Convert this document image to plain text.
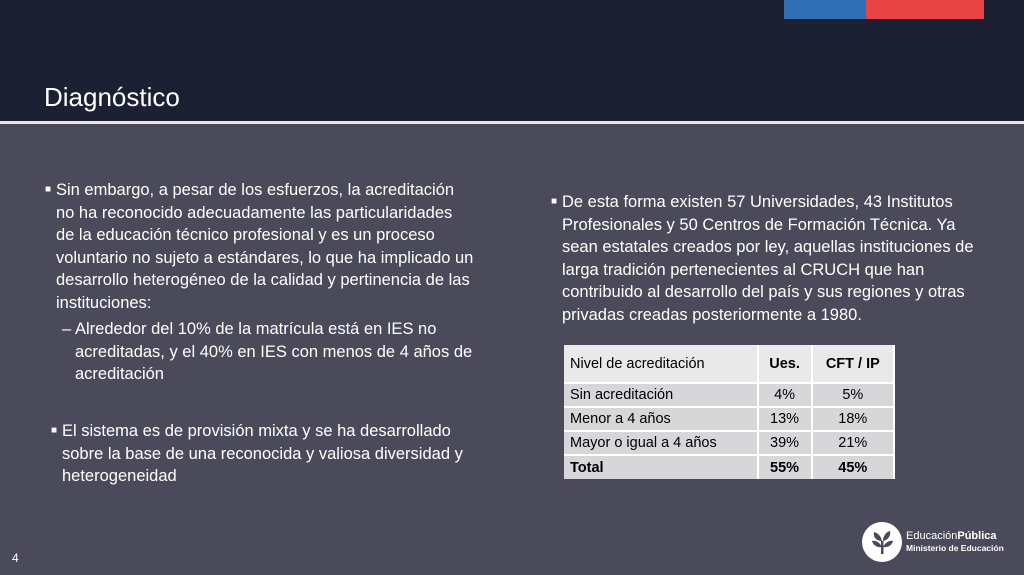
Diagnóstico
■ Sin embargo, a pesar de los esfuerzos, la acreditación no ha reconocido adecuadamente las particularidades de la educación técnico profesional y es un proceso voluntario no sujeto a estándares, lo que ha implicado un desarrollo heterogéneo de la calidad y pertinencia de las instituciones:
– Alrededor del 10% de la matrícula está en IES no acreditadas, y el 40% en IES con menos de 4 años de acreditación
■ El sistema es de provisión mixta y se ha desarrollado sobre la base de una reconocida y valiosa diversidad y heterogeneidad
■ De esta forma existen 57 Universidades, 43 Institutos Profesionales y 50 Centros de Formación Técnica. Ya sean estatales creados por ley, aquellas instituciones de larga tradición pertenecientes al CRUCH que han contribuido al desarrollo del país y sus regiones y otras privadas creadas posteriormente a 1980.
Nivel de acreditación	Ues.	CFT / IP
Sin acreditación	4%	5%
Menor a 4 años	13%	18%
Mayor o igual a 4 años	39%	21%
Total	55%	45%
4
EducaciónPública
Ministerio de Educación
